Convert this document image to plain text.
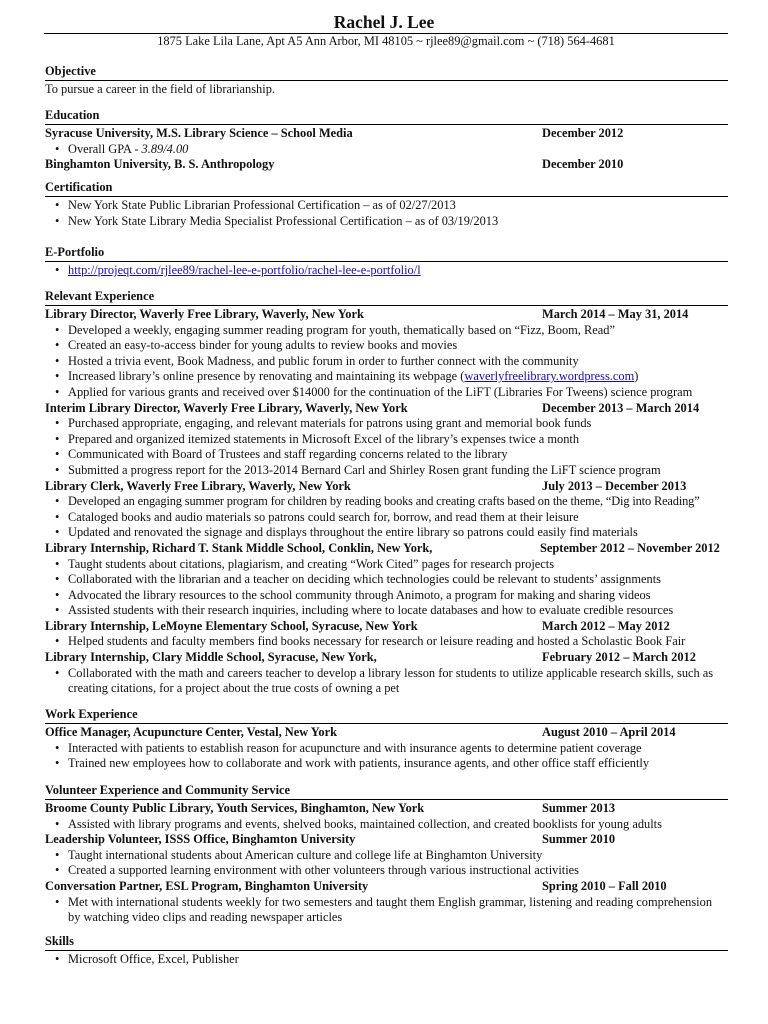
Rachel J. Lee
1875 Lake Lila Lane, Apt A5 Ann Arbor, MI 48105 ~ rjlee89@gmail.com ~ (718) 564-4681
Objective
To pursue a career in the field of librarianship.
Education
Syracuse University, M.S. Library Science – School Media	December 2012
• Overall GPA - 3.89/4.00
Binghamton University, B. S. Anthropology	December 2010
Certification
• New York State Public Librarian Professional Certification – as of 02/27/2013
• New York State Library Media Specialist Professional Certification – as of 03/19/2013
E-Portfolio
• http://projeqt.com/rjlee89/rachel-lee-e-portfolio/rachel-lee-e-portfolio/l
Relevant Experience
Library Director, Waverly Free Library, Waverly, New York	March 2014 – May 31, 2014
• Developed a weekly, engaging summer reading program for youth, thematically based on “Fizz, Boom, Read”
• Created an easy-to-access binder for young adults to review books and movies
• Hosted a trivia event, Book Madness, and public forum in order to further connect with the community
• Increased library’s online presence by renovating and maintaining its webpage (waverlyfreelibrary.wordpress.com)
• Applied for various grants and received over $14000 for the continuation of the LiFT (Libraries For Tweens) science program
Interim Library Director, Waverly Free Library, Waverly, New York	December 2013 – March 2014
• Purchased appropriate, engaging, and relevant materials for patrons using grant and memorial book funds
• Prepared and organized itemized statements in Microsoft Excel of the library’s expenses twice a month
• Communicated with Board of Trustees and staff regarding concerns related to the library
• Submitted a progress report for the 2013-2014 Bernard Carl and Shirley Rosen grant funding the LiFT science program
Library Clerk, Waverly Free Library, Waverly, New York	July 2013 – December 2013
• Developed an engaging summer program for children by reading books and creating crafts based on the theme, “Dig into Reading”
• Cataloged books and audio materials so patrons could search for, borrow, and read them at their leisure
• Updated and renovated the signage and displays throughout the entire library so patrons could easily find materials
Library Internship, Richard T. Stank Middle School, Conklin, New York,	September 2012 – November 2012
• Taught students about citations, plagiarism, and creating “Work Cited” pages for research projects
• Collaborated with the librarian and a teacher on deciding which technologies could be relevant to students’ assignments
• Advocated the library resources to the school community through Animoto, a program for making and sharing videos
• Assisted students with their research inquiries, including where to locate databases and how to evaluate credible resources
Library Internship, LeMoyne Elementary School, Syracuse, New York	March 2012 – May 2012
• Helped students and faculty members find books necessary for research or leisure reading and hosted a Scholastic Book Fair
Library Internship, Clary Middle School, Syracuse, New York,	February 2012 – March 2012
• Collaborated with the math and careers teacher to develop a library lesson for students to utilize applicable research skills, such as creating citations, for a project about the true costs of owning a pet
Work Experience
Office Manager, Acupuncture Center, Vestal, New York	August 2010 – April 2014
• Interacted with patients to establish reason for acupuncture and with insurance agents to determine patient coverage
• Trained new employees how to collaborate and work with patients, insurance agents, and other office staff efficiently
Volunteer Experience and Community Service
Broome County Public Library, Youth Services, Binghamton, New York	Summer 2013
• Assisted with library programs and events, shelved books, maintained collection, and created booklists for young adults
Leadership Volunteer, ISSS Office, Binghamton University	Summer 2010
• Taught international students about American culture and college life at Binghamton University
• Created a supported learning environment with other volunteers through various instructional activities
Conversation Partner, ESL Program, Binghamton University	Spring 2010 – Fall 2010
• Met with international students weekly for two semesters and taught them English grammar, listening and reading comprehension by watching video clips and reading newspaper articles
Skills
• Microsoft Office, Excel, Publisher
